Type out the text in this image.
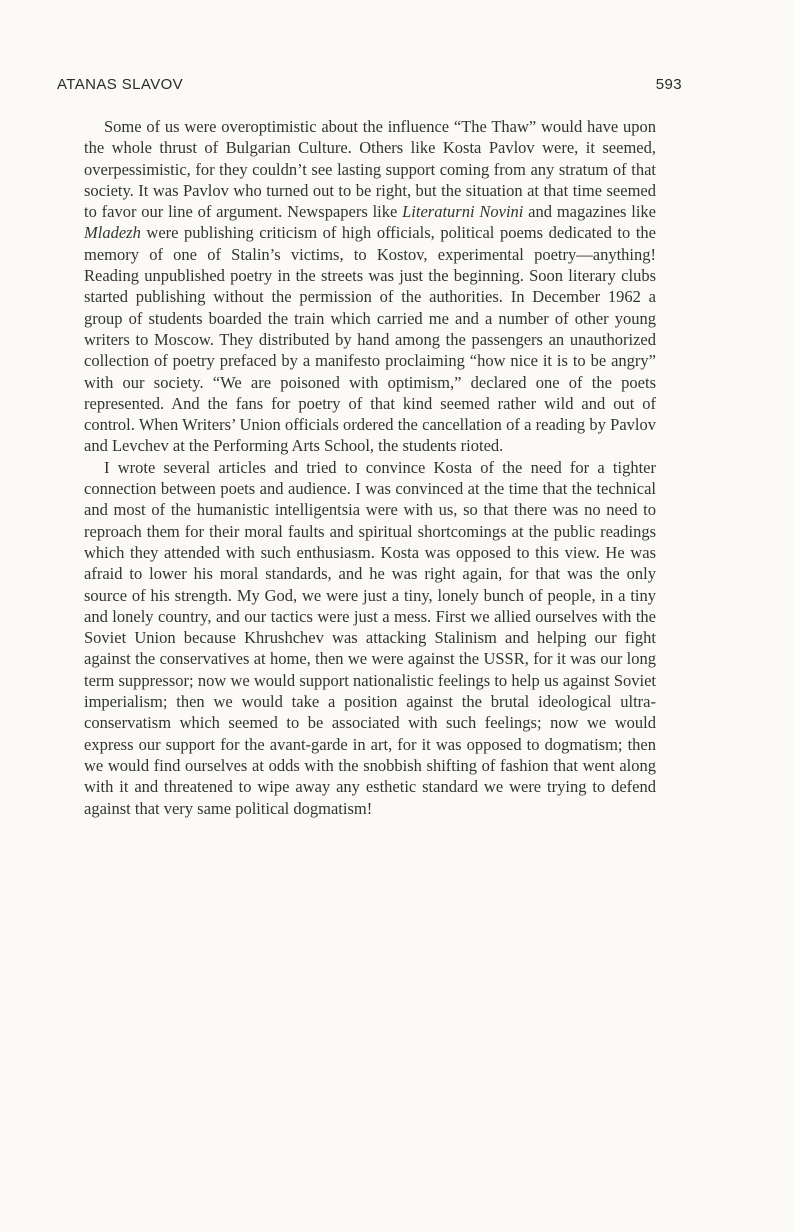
ATANAS SLAVOV	593

Some of us were overoptimistic about the influence “The Thaw” would have upon the whole thrust of Bulgarian Culture. Others like Kosta Pavlov were, it seemed, overpessimistic, for they couldn’t see lasting support coming from any stratum of that society. It was Pavlov who turned out to be right, but the situation at that time seemed to favor our line of argument. Newspapers like Literaturni Novini and magazines like Mladezh were publishing criticism of high officials, political poems dedicated to the memory of one of Stalin’s victims, to Kostov, experimental poetry—anything! Reading unpublished poetry in the streets was just the beginning. Soon literary clubs started publishing without the permission of the authorities. In December 1962 a group of students boarded the train which carried me and a number of other young writers to Moscow. They distributed by hand among the passengers an unauthorized collection of poetry prefaced by a manifesto proclaiming “how nice it is to be angry” with our society. “We are poisoned with optimism,” declared one of the poets represented. And the fans for poetry of that kind seemed rather wild and out of control. When Writers’ Union officials ordered the cancellation of a reading by Pavlov and Levchev at the Performing Arts School, the students rioted.

I wrote several articles and tried to convince Kosta of the need for a tighter connection between poets and audience. I was convinced at the time that the technical and most of the humanistic intelligentsia were with us, so that there was no need to reproach them for their moral faults and spiritual shortcomings at the public readings which they attended with such enthusiasm. Kosta was opposed to this view. He was afraid to lower his moral standards, and he was right again, for that was the only source of his strength. My God, we were just a tiny, lonely bunch of people, in a tiny and lonely country, and our tactics were just a mess. First we allied ourselves with the Soviet Union because Khrushchev was attacking Stalinism and helping our fight against the conservatives at home, then we were against the USSR, for it was our long term suppressor; now we would support nationalistic feelings to help us against Soviet imperialism; then we would take a position against the brutal ideological ultra-conservatism which seemed to be associated with such feelings; now we would express our support for the avant-garde in art, for it was opposed to dogmatism; then we would find ourselves at odds with the snobbish shifting of fashion that went along with it and threatened to wipe away any esthetic standard we were trying to defend against that very same political dogmatism!
